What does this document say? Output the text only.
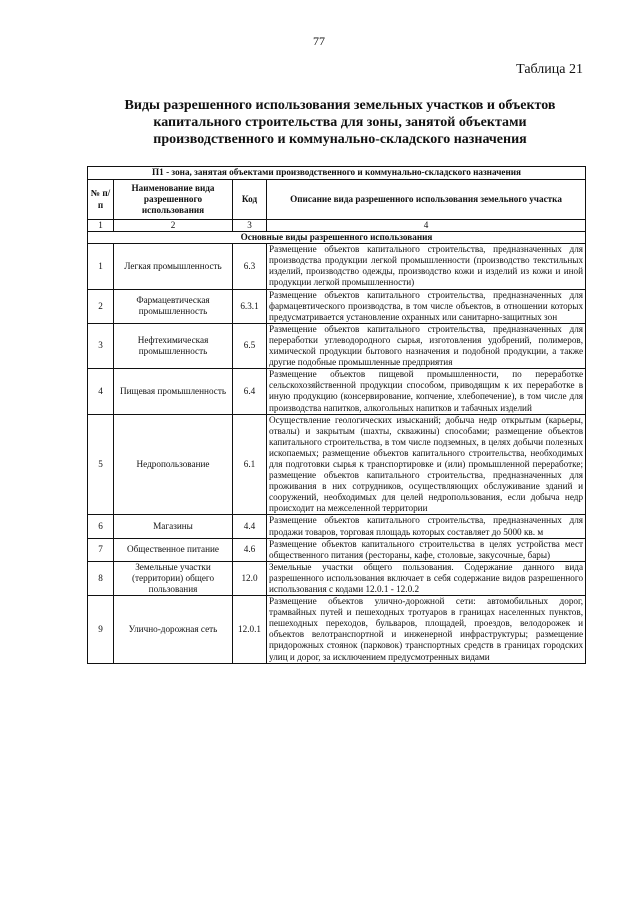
77
Таблица 21
Виды разрешенного использования земельных участков и объектов
капитального строительства для зоны, занятой объектами
производственного и коммунально-складского назначения
П1 - зона, занятая объектами производственного и коммунально-складского назначения			
№ п/п	Наименование вида разрешенного использования	Код	Описание вида разрешенного использования земельного участка
1	2	3	4
Основные виды разрешенного использования			
1	Легкая промышленность	6.3	Размещение объектов капитального строительства, предназначенных для производства продукции легкой промышленности (производство текстильных изделий, производство одежды, производство кожи и изделий из кожи и иной продукции легкой промышленности)
2	Фармацевтическая промышленность	6.3.1	Размещение объектов капитального строительства, предназначенных для фармацевтического производства, в том числе объектов, в отношении которых предусматривается установление охранных или санитарно-защитных зон
3	Нефтехимическая промышленность	6.5	Размещение объектов капитального строительства, предназначенных для переработки углеводородного сырья, изготовления удобрений, полимеров, химической продукции бытового назначения и подобной продукции, а также другие подобные промышленные предприятия
4	Пищевая промышленность	6.4	Размещение объектов пищевой промышленности, по переработке сельскохозяйственной продукции способом, приводящим к их переработке в иную продукцию (консервирование, копчение, хлебопечение), в том числе для производства напитков, алкогольных напитков и табачных изделий
5	Недропользование	6.1	Осуществление геологических изысканий; добыча недр открытым (карьеры, отвалы) и закрытым (шахты, скважины) способами; размещение объектов капитального строительства, в том числе подземных, в целях добычи полезных ископаемых; размещение объектов капитального строительства, необходимых для подготовки сырья к транспортировке и (или) промышленной переработке; размещение объектов капитального строительства, предназначенных для проживания в них сотрудников, осуществляющих обслуживание зданий и сооружений, необходимых для целей недропользования, если добыча недр происходит на межселенной территории
6	Магазины	4.4	Размещение объектов капитального строительства, предназначенных для продажи товаров, торговая площадь которых составляет до 5000 кв. м
7	Общественное питание	4.6	Размещение объектов капитального строительства в целях устройства мест общественного питания (рестораны, кафе, столовые, закусочные, бары)
8	Земельные участки (территории) общего пользования	12.0	Земельные участки общего пользования. Содержание данного вида разрешенного использования включает в себя содержание видов разрешенного использования с кодами 12.0.1 - 12.0.2
9	Улично-дорожная сеть	12.0.1	Размещение объектов улично-дорожной сети: автомобильных дорог, трамвайных путей и пешеходных тротуаров в границах населенных пунктов, пешеходных переходов, бульваров, площадей, проездов, велодорожек и объектов велотранспортной и инженерной инфраструктуры; размещение придорожных стоянок (парковок) транспортных средств в границах городских улиц и дорог, за исключением предусмотренных видами
